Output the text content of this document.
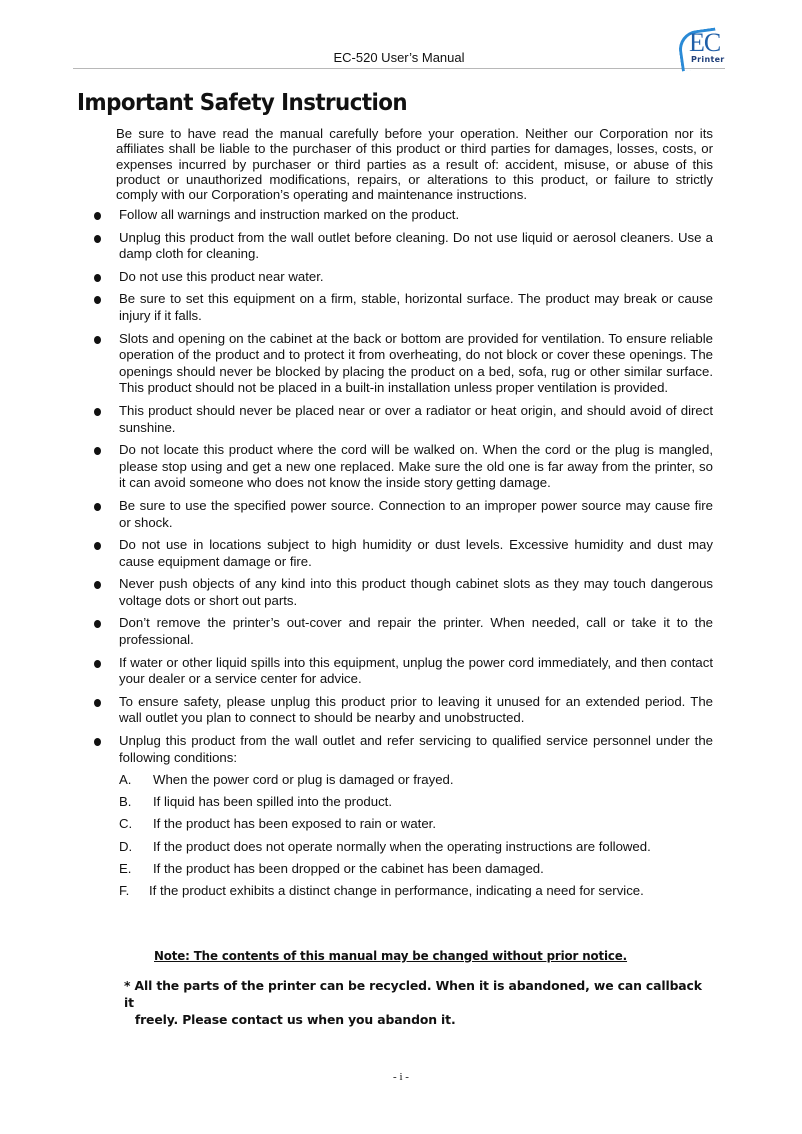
EC-520 User’s Manual
EC
Printer
Important Safety Instruction

Be sure to have read the manual carefully before your operation. Neither our Corporation nor its affiliates shall be liable to the purchaser of this product or third parties for damages, losses, costs, or expenses incurred by purchaser or third parties as a result of: accident, misuse, or abuse of this product or unauthorized modifications, repairs, or alterations to this product, or failure to strictly comply with our Corporation’s operating and maintenance instructions.

Follow all warnings and instruction marked on the product.
Unplug this product from the wall outlet before cleaning. Do not use liquid or aerosol cleaners. Use a damp cloth for cleaning.
Do not use this product near water.
Be sure to set this equipment on a firm, stable, horizontal surface. The product may break or cause injury if it falls.
Slots and opening on the cabinet at the back or bottom are provided for ventilation. To ensure reliable operation of the product and to protect it from overheating, do not block or cover these openings. The openings should never be blocked by placing the product on a bed, sofa, rug or other similar surface. This product should not be placed in a built-in installation unless proper ventilation is provided.
This product should never be placed near or over a radiator or heat origin, and should avoid of direct sunshine.
Do not locate this product where the cord will be walked on. When the cord or the plug is mangled, please stop using and get a new one replaced. Make sure the old one is far away from the printer, so it can avoid someone who does not know the inside story getting damage.
Be sure to use the specified power source. Connection to an improper power source may cause fire or shock.
Do not use in locations subject to high humidity or dust levels. Excessive humidity and dust may cause equipment damage or fire.
Never push objects of any kind into this product though cabinet slots as they may touch dangerous voltage dots or short out parts.
Don’t remove the printer’s out-cover and repair the printer. When needed, call or take it to the professional.
If water or other liquid spills into this equipment, unplug the power cord immediately, and then contact your dealer or a service center for advice.
To ensure safety, please unplug this product prior to leaving it unused for an extended period. The wall outlet you plan to connect to should be nearby and unobstructed.
Unplug this product from the wall outlet and refer servicing to qualified service personnel under the following conditions:
A. When the power cord or plug is damaged or frayed.
B. If liquid has been spilled into the product.
C. If the product has been exposed to rain or water.
D. If the product does not operate normally when the operating instructions are followed.
E. If the product has been dropped or the cabinet has been damaged.
F. If the product exhibits a distinct change in performance, indicating a need for service.
Note: The contents of this manual may be changed without prior notice.
* All the parts of the printer can be recycled. When it is abandoned, we can callback it
freely. Please contact us when you abandon it.
- i -
